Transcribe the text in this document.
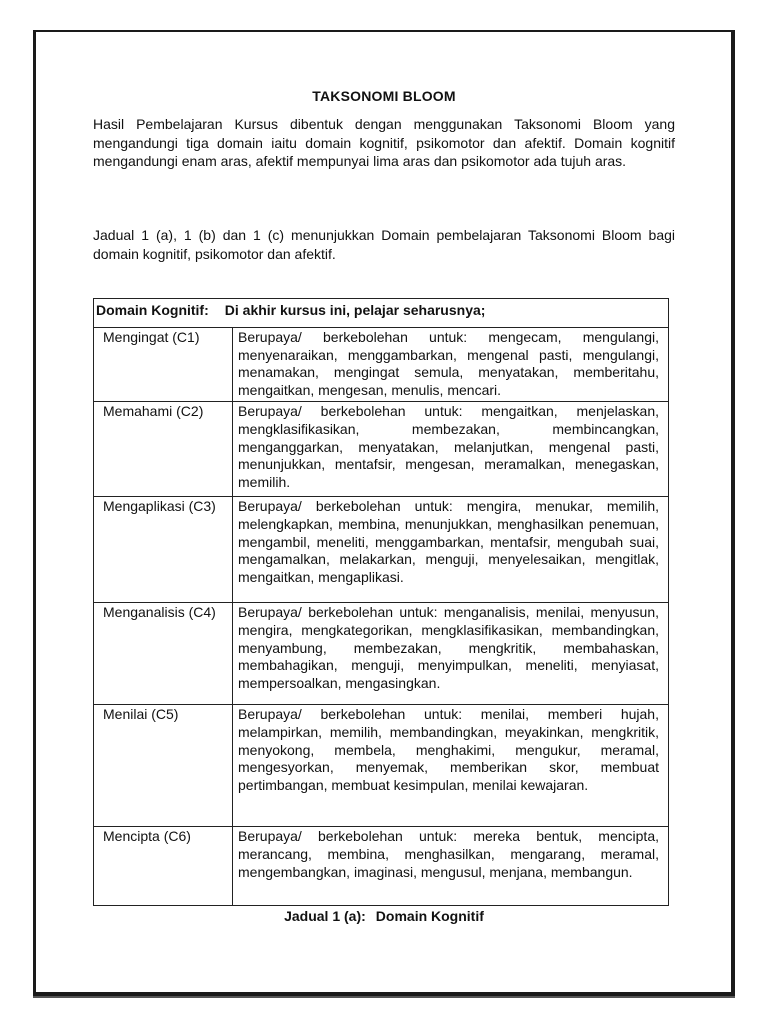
TAKSONOMI BLOOM

Hasil Pembelajaran Kursus dibentuk dengan menggunakan Taksonomi Bloom yang mengandungi tiga domain iaitu domain kognitif, psikomotor dan afektif. Domain kognitif mengandungi enam aras, afektif mempunyai lima aras dan psikomotor ada tujuh aras.

Jadual 1 (a), 1 (b) dan 1 (c) menunjukkan Domain pembelajaran Taksonomi Bloom bagi domain kognitif, psikomotor dan afektif.

Domain Kognitif: Di akhir kursus ini, pelajar seharusnya;	
Mengingat (C1)	Berupaya/ berkebolehan untuk: mengecam, mengulangi, menyenaraikan, menggambarkan, mengenal pasti, mengulangi, menamakan, mengingat semula, menyatakan, memberitahu, mengaitkan, mengesan, menulis, mencari.
Memahami (C2)	Berupaya/ berkebolehan untuk: mengaitkan, menjelaskan, mengklasifikasikan, membezakan, membincangkan, menganggarkan, menyatakan, melanjutkan, mengenal pasti, menunjukkan, mentafsir, mengesan, meramalkan, menegaskan, memilih.
Mengaplikasi (C3)	Berupaya/ berkebolehan untuk: mengira, menukar, memilih, melengkapkan, membina, menunjukkan, menghasilkan penemuan, mengambil, meneliti, menggambarkan, mentafsir, mengubah suai, mengamalkan, melakarkan, menguji, menyelesaikan, mengitlak, mengaitkan, mengaplikasi.
Menganalisis (C4)	Berupaya/ berkebolehan untuk: menganalisis, menilai, menyusun, mengira, mengkategorikan, mengklasifikasikan, membandingkan, menyambung, membezakan, mengkritik, membahaskan, membahagikan, menguji, menyimpulkan, meneliti, menyiasat, mempersoalkan, mengasingkan.
Menilai (C5)	Berupaya/ berkebolehan untuk: menilai, memberi hujah, melampirkan, memilih, membandingkan, meyakinkan, mengkritik, menyokong, membela, menghakimi, mengukur, meramal, mengesyorkan, menyemak, memberikan skor, membuat pertimbangan, membuat kesimpulan, menilai kewajaran.
Mencipta (C6)	Berupaya/ berkebolehan untuk: mereka bentuk, mencipta, merancang, membina, menghasilkan, mengarang, meramal, mengembangkan, imaginasi, mengusul, menjana, membangun.
Jadual 1 (a): Domain Kognitif
